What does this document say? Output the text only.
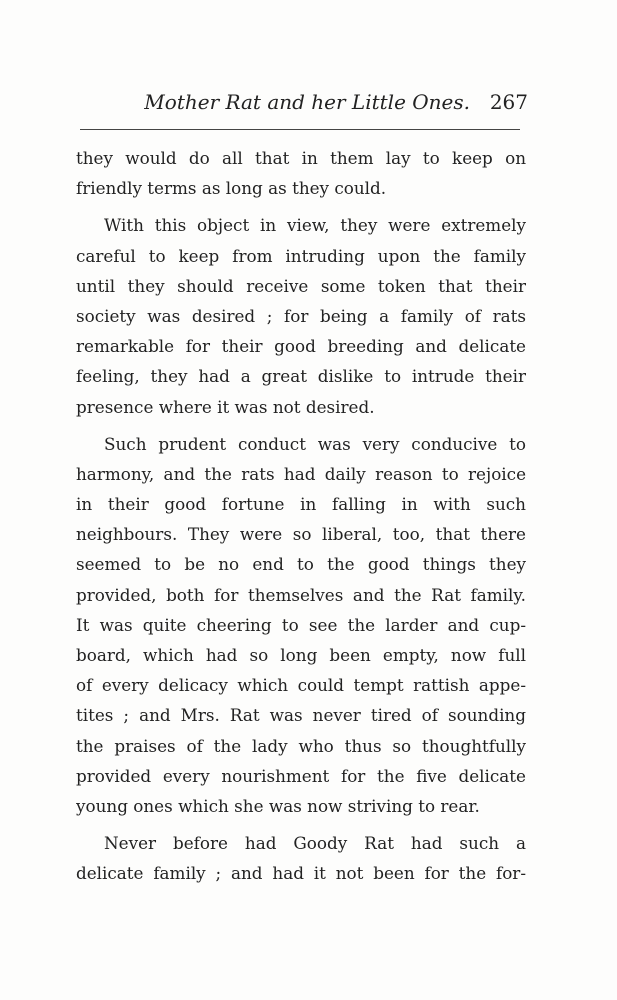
Mother Rat and her Little Ones. 267
they would do all that in them lay to keep on
friendly terms as long as they could.
With this object in view, they were extremely
careful to keep from intruding upon the family
until they should receive some token that their
society was desired ; for being a family of rats
remarkable for their good breeding and delicate
feeling, they had a great dislike to intrude their
presence where it was not desired.
Such prudent conduct was very conducive to
harmony, and the rats had daily reason to rejoice
in their good fortune in falling in with such
neighbours. They were so liberal, too, that there
seemed to be no end to the good things they
provided, both for themselves and the Rat family.
It was quite cheering to see the larder and cup-
board, which had so long been empty, now full
of every delicacy which could tempt rattish appe-
tites ; and Mrs. Rat was never tired of sounding
the praises of the lady who thus so thoughtfully
provided every nourishment for the five delicate
young ones which she was now striving to rear.
Never before had Goody Rat had such a
delicate family ; and had it not been for the for-
